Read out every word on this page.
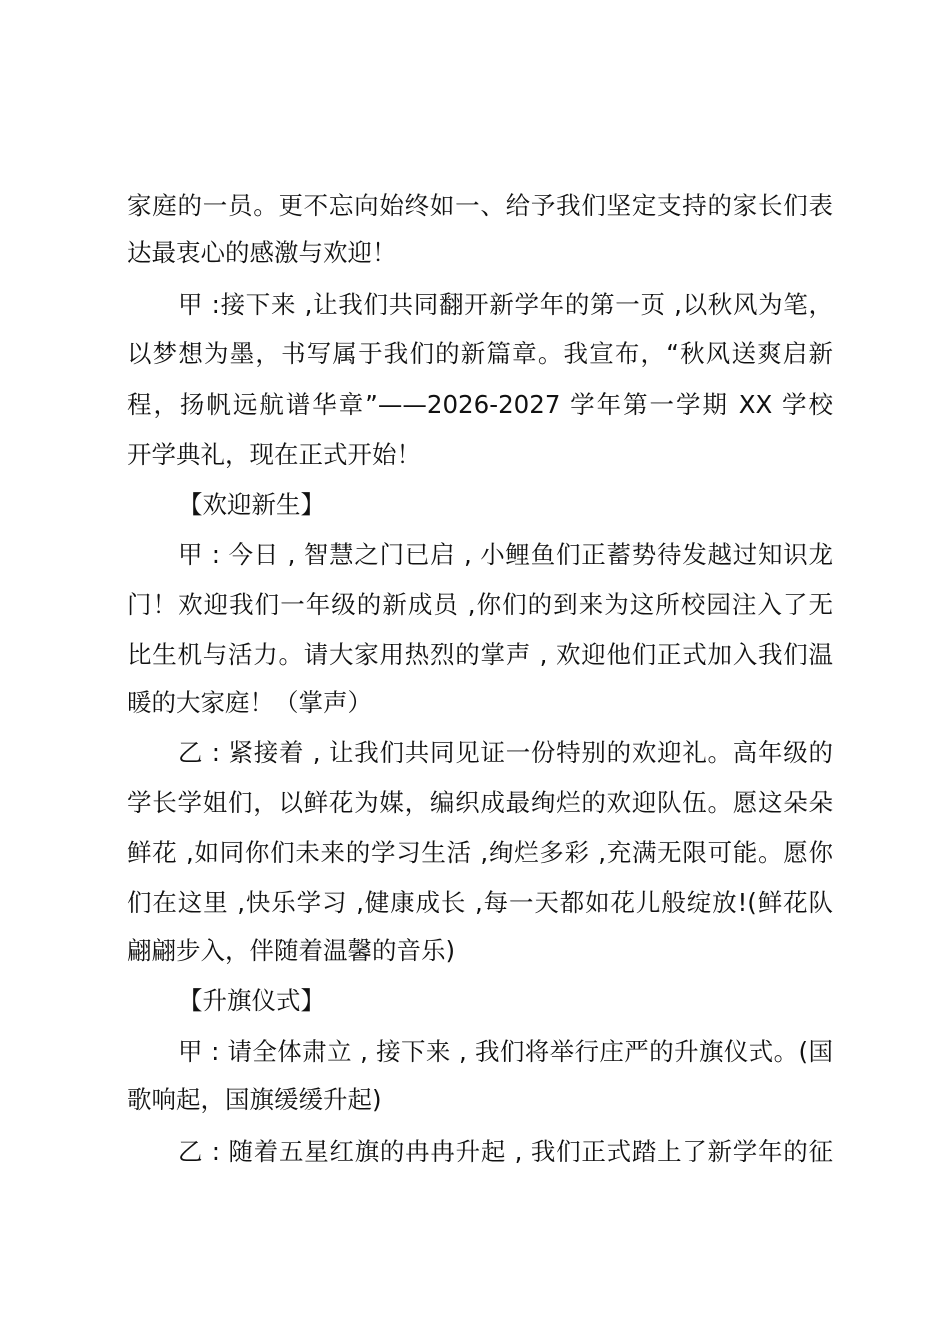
家庭的一员。更不忘向始终如一、给予我们坚定支持的家长们表
达最衷心的感激与欢迎！
甲 :接下来 ,让我们共同翻开新学年的第一页 ,以秋风为笔，
以梦想为墨，书写属于我们的新篇章。我宣布，“秋风送爽启新
程，扬帆远航谱华章”——2026-2027 学年第一学期 XX 学校
开学典礼，现在正式开始！
【欢迎新生】
甲 : 今日 , 智慧之门已启 , 小鲤鱼们正蓄势待发越过知识龙
门！欢迎我们一年级的新成员 ,你们的到来为这所校园注入了无
比生机与活力。请大家用热烈的掌声 , 欢迎他们正式加入我们温
暖的大家庭！（掌声）
乙 : 紧接着 , 让我们共同见证一份特别的欢迎礼。高年级的
学长学姐们，以鲜花为媒，编织成最绚烂的欢迎队伍。愿这朵朵
鲜花 ,如同你们未来的学习生活 ,绚烂多彩 ,充满无限可能。愿你
们在这里 ,快乐学习 ,健康成长 ,每一天都如花儿般绽放!(鲜花队
翩翩步入，伴随着温馨的音乐)
【升旗仪式】
甲 : 请全体肃立 , 接下来 , 我们将举行庄严的升旗仪式。(国
歌响起，国旗缓缓升起)
乙 : 随着五星红旗的冉冉升起 , 我们正式踏上了新学年的征
